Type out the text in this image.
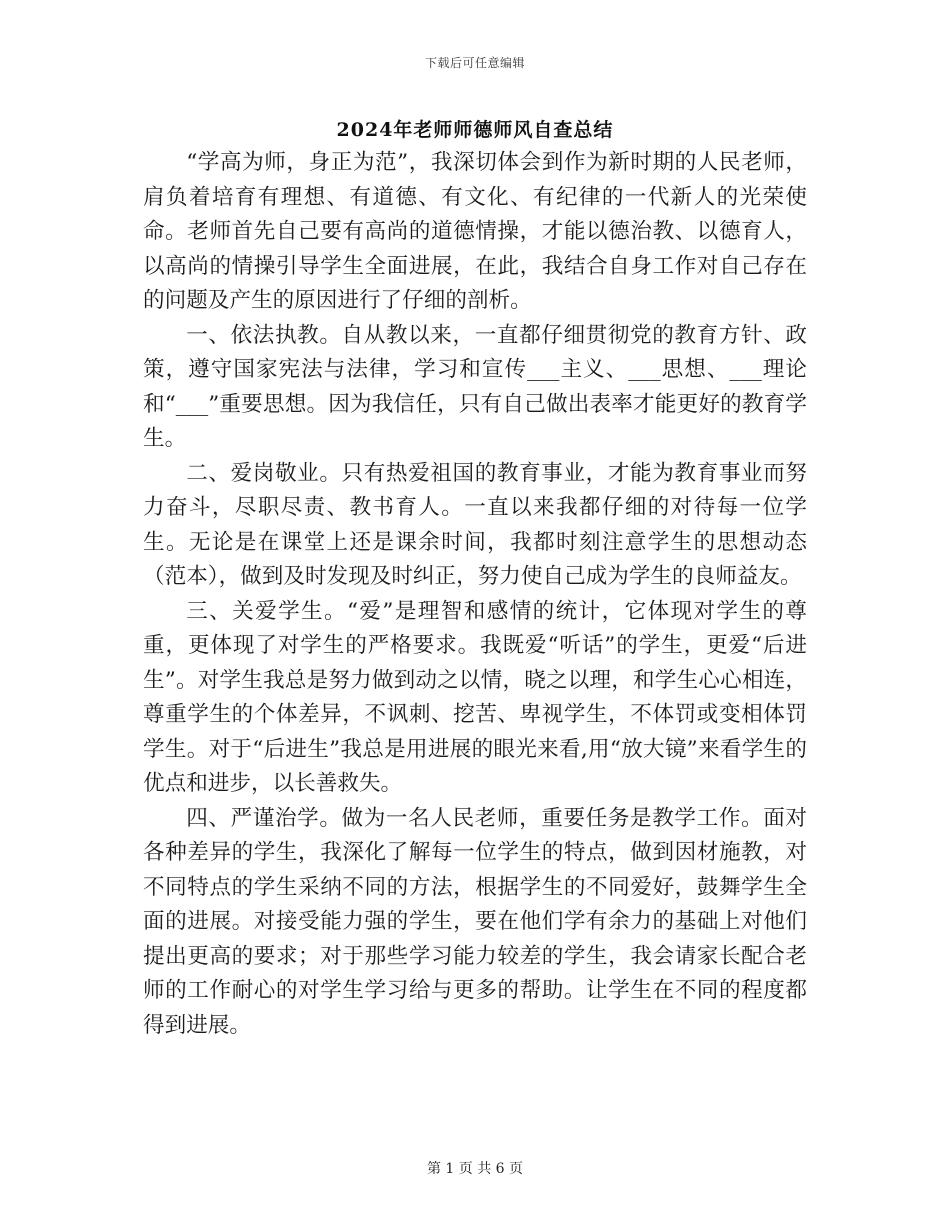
下载后可任意编辑
2024年老师师德师风自查总结

“学高为师，身正为范”，我深切体会到作为新时期的人民老师，肩负着培育有理想、有道德、有文化、有纪律的一代新人的光荣使命。老师首先自己要有高尚的道德情操，才能以德治教、以德育人，以高尚的情操引导学生全面进展，在此，我结合自身工作对自己存在的问题及产生的原因进行了仔细的剖析。

一、依法执教。自从教以来，一直都仔细贯彻党的教育方针、政策，遵守国家宪法与法律，学习和宣传___主义、___思想、___理论和“___”重要思想。因为我信任，只有自己做出表率才能更好的教育学生。

二、爱岗敬业。只有热爱祖国的教育事业，才能为教育事业而努力奋斗，尽职尽责、教书育人。一直以来我都仔细的对待每一位学生。无论是在课堂上还是课余时间，我都时刻注意学生的思想动态（范本），做到及时发现及时纠正，努力使自己成为学生的良师益友。

三、关爱学生。“爱”是理智和感情的统计，它体现对学生的尊重，更体现了对学生的严格要求。我既爱“听话”的学生，更爱“后进生”。对学生我总是努力做到动之以情，晓之以理，和学生心心相连，尊重学生的个体差异，不讽刺、挖苦、卑视学生，不体罚或变相体罚学生。对于“后进生”我总是用进展的眼光来看,用“放大镜”来看学生的优点和进步，以长善救失。

四、严谨治学。做为一名人民老师，重要任务是教学工作。面对各种差异的学生，我深化了解每一位学生的特点，做到因材施教，对不同特点的学生采纳不同的方法，根据学生的不同爱好，鼓舞学生全面的进展。对接受能力强的学生，要在他们学有余力的基础上对他们提出更高的要求；对于那些学习能力较差的学生，我会请家长配合老师的工作耐心的对学生学习给与更多的帮助。让学生在不同的程度都得到进展。

第 1 页 共 6 页
